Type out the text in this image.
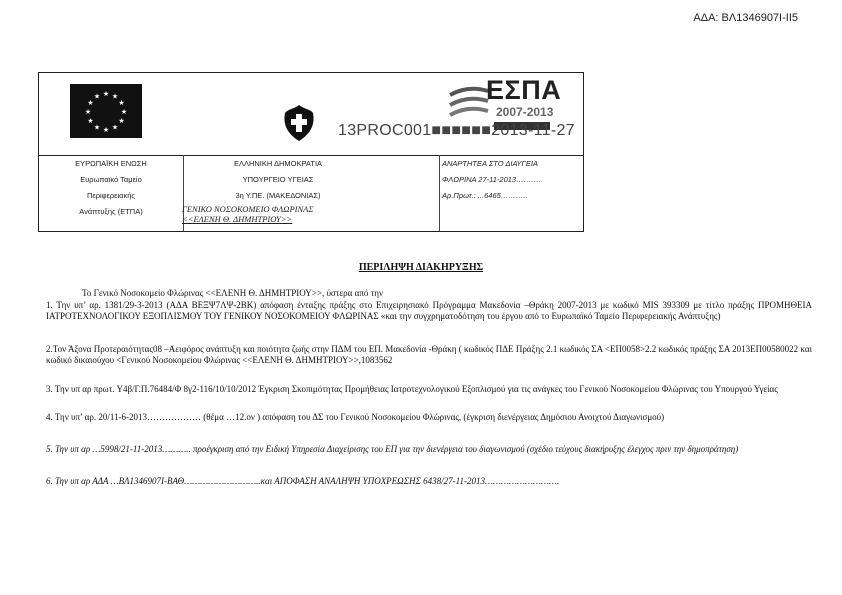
ΑΔΑ: ΒΛ1346907Ι-ΙΙ5
★ ★
★
★
★
★
★
★
★
★
★
★	ΕΣΠΑ
2007-2013
13PROC001■■■■■■2013-11-27
ΕΥΡΩΠΑΪΚΗ ΕΝΩΣΗ
Ευρωπαϊκό Ταμείο
Περιφερειακής
Ανάπτυξης (ΕΤΠΑ)
ΕΛΛΗΝΙΚΗ ΔΗΜΟΚΡΑΤΙΑ
ΥΠΟΥΡΓΕΙΟ ΥΓΕΙΑΣ
3η Υ.ΠΕ. (ΜΑΚΕΔΟΝΙΑΣ)
ΓΕΝΙΚΟ ΝΟΣΟΚΟΜΕΙΟ ΦΛΩΡΙΝΑΣ
<<ΕΛΕΝΗ Θ. ΔΗΜΗΤΡΙΟΥ>>
ΑΝΑΡΤΗΤΕΑ ΣΤΟ ΔΙΑΥΓΕΙΑ
ΦΛΩΡΙΝΑ 27-11-2013……….
Αρ.Πρωτ.: ...6465………..
ΠΕΡΙΛΗΨΗ ΔΙΑΚΗΡΥΞΗΣ
Το Γενικό Νοσοκομείο Φλώρινας <<ΕΛΕΝΗ Θ. ΔΗΜΗΤΡΙΟΥ>>, ύστερα από την
1. Την υπ’ αρ. 1381/29-3-2013 (ΑΔΑ ΒΕΞΨ7ΛΨ-2ΒΚ) απόφαση ένταξης πράξης στο Επιχειρησιακό Πρόγραμμα Μακεδονία –Θράκη 2007-2013 με κωδικό MIS 393309 με τίτλο πράξης ΠΡΟΜΗΘΕΙΑ ΙΑΤΡΟΤΕΧΝΟΛΟΓΙΚΟΥ ΕΞΟΠΛΙΣΜΟΥ ΤΟΥ ΓΕΝΙΚΟΥ ΝΟΣΟΚΟΜΕΙΟΥ ΦΛΩΡΙΝΑΣ «και την συγχρηματοδότηση του έργου από το Ευρωπαϊκό Ταμείο Περιφερειακής Ανάπτυξης)
2.Τον Άξονα Προτεραιότητας08 –Αειφόρος ανάπτυξη και ποιότητα ζωής στην ΠΔΜ του ΕΠ. Μακεδονία -Θράκη ( κωδικός ΠΔΕ Πράξης 2.1 κωδικός ΣΑ <ΕΠ0058>2.2 κωδικός πράξης ΣΑ 2013ΕΠ00580022 και κωδικό δικαιούχου <Γενικού Νοσοκομείου Φλώρινας <<ΕΛΕΝΗ Θ. ΔΗΜΗΤΡΙΟΥ>>,1083562
3. Την υπ αρ πρωτ. Υ4β/Γ.Π.76484/Φ 8γ2-116/10/10/2012 Έγκριση Σκοπιμότητας Προμήθειας Ιατροτεχνολογικού Εξοπλισμού για τις ανάγκες του Γενικού Νοσοκομείου Φλώρινας του Υπουργού Υγείας
4. Την υπ’ αρ. 20/11-6-2013……………… (θέμα …12.ον ) απόφαση του ΔΣ του Γενικού Νοσοκομείου Φλώρινας, (έγκριση διενέργειας Δημόσιου Ανοιχτού Διαγωνισμού)
5. Την υπ αρ …5998/21-11-2013……….. προέγκριση από την Ειδική Υπηρεσία Διαχείρισης του ΕΠ για την διενέργεια του διαγωνισμού (σχέδιο τεύχους διακήρυξης έλεγχος πριν την δημοπράτηση)
6. Την υπ αρ ΑΔΑ …ΒΛ1346907Ι-ΒΑΘ………………………..και ΑΠΟΦΑΣΗ ΑΝΑΛΗΨΗ ΥΠΟΧΡΕΩΣΗΣ 6438/27-11-2013……………………….
